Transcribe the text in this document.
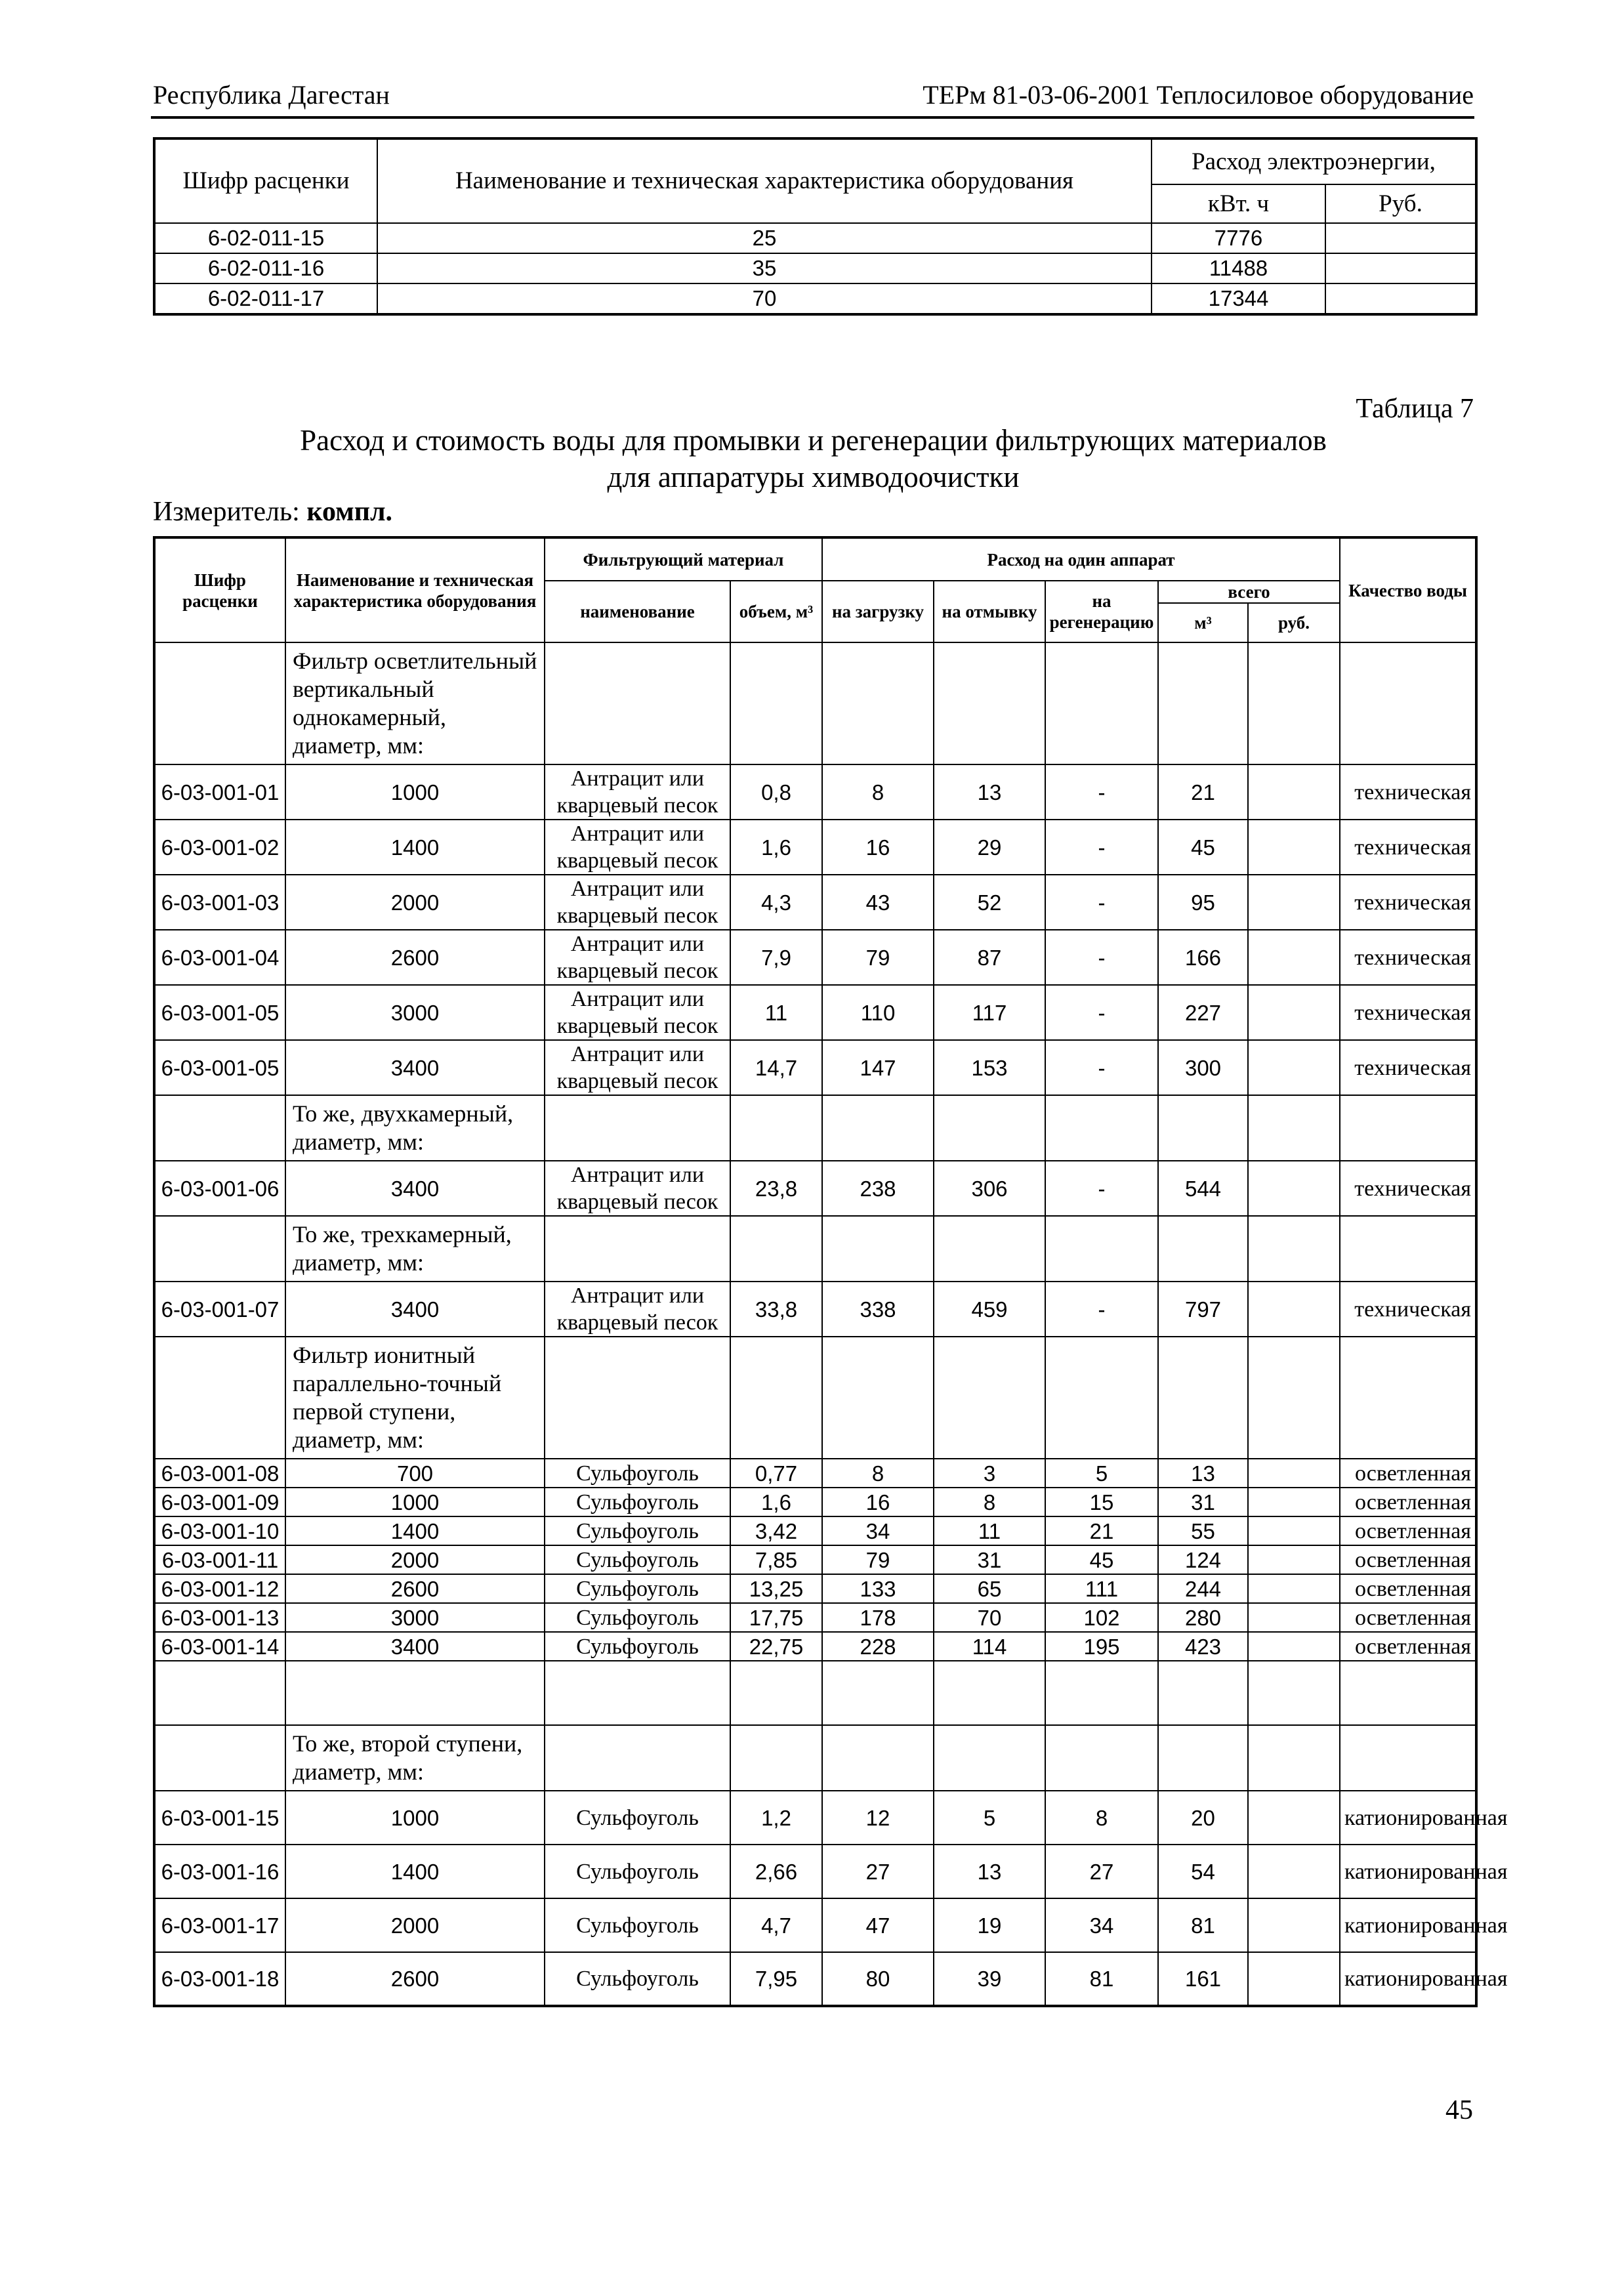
Республика Дагестан	ТЕРм 81-03-06-2001 Теплосиловое оборудование
Шифр расценки	Наименование и техническая характеристика оборудования	Расход электроэнергии,	
		кВт. ч	Руб.
6-02-011-15	25	7776	
6-02-011-16	35	11488	
6-02-011-17	70	17344	
Таблица 7
Расход и стоимость воды для промывки и регенерации фильтрующих материалов
для аппаратуры химводоочистки
Измеритель: компл.
Шифр расценки	Наименование и техническая характеристика оборудования	Фильтрующий материал		Расход на один аппарат					Качество воды
		наименование	объем, м³	на загрузку	на отмывку	на регенерацию	всего		
							м³	руб.	
	Фильтр осветлительный вертикальный однокамерный, диаметр, мм:								
6-03-001-01	1000	Антрацит или кварцевый песок	0,8	8	13	-	21		техническая
6-03-001-02	1400	Антрацит или кварцевый песок	1,6	16	29	-	45		техническая
6-03-001-03	2000	Антрацит или кварцевый песок	4,3	43	52	-	95		техническая
6-03-001-04	2600	Антрацит или кварцевый песок	7,9	79	87	-	166		техническая
6-03-001-05	3000	Антрацит или кварцевый песок	11	110	117	-	227		техническая
6-03-001-05	3400	Антрацит или кварцевый песок	14,7	147	153	-	300		техническая
	То же, двухкамерный, диаметр, мм:								
6-03-001-06	3400	Антрацит или кварцевый песок	23,8	238	306	-	544		техническая
	То же, трехкамерный, диаметр, мм:								
6-03-001-07	3400	Антрацит или кварцевый песок	33,8	338	459	-	797		техническая
	Фильтр ионитный параллельно-точный первой ступени, диаметр, мм:								
6-03-001-08	700	Сульфоуголь	0,77	8	3	5	13		осветленная
6-03-001-09	1000	Сульфоуголь	1,6	16	8	15	31		осветленная
6-03-001-10	1400	Сульфоуголь	3,42	34	11	21	55		осветленная
6-03-001-11	2000	Сульфоуголь	7,85	79	31	45	124		осветленная
6-03-001-12	2600	Сульфоуголь	13,25	133	65	111	244		осветленная
6-03-001-13	3000	Сульфоуголь	17,75	178	70	102	280		осветленная
6-03-001-14	3400	Сульфоуголь	22,75	228	114	195	423		осветленная

	То же, второй ступени, диаметр, мм:								
6-03-001-15	1000	Сульфоуголь	1,2	12	5	8	20		катионированная
6-03-001-16	1400	Сульфоуголь	2,66	27	13	27	54		катионированная
6-03-001-17	2000	Сульфоуголь	4,7	47	19	34	81		катионированная
6-03-001-18	2600	Сульфоуголь	7,95	80	39	81	161		катионированная
45
